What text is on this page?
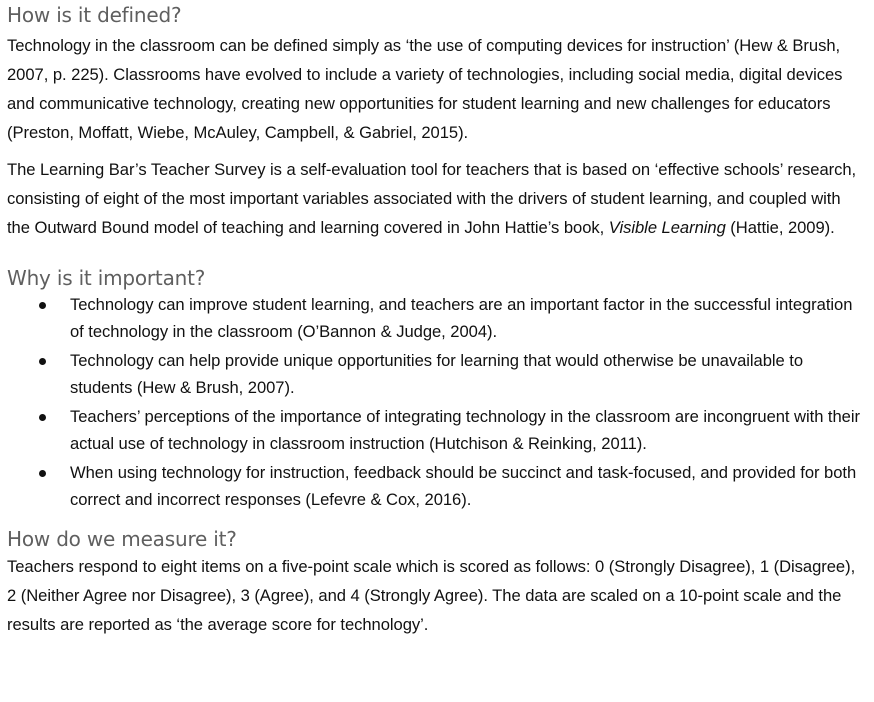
How is it defined?

Technology in the classroom can be defined simply as ‘the use of computing devices for instruction’ (Hew & Brush, 2007, p. 225). Classrooms have evolved to include a variety of technologies, including social media, digital devices and communicative technology, creating new opportunities for student learning and new challenges for educators (Preston, Moffatt, Wiebe, McAuley, Campbell, & Gabriel, 2015).

The Learning Bar’s Teacher Survey is a self-evaluation tool for teachers that is based on ‘effective schools’ research, consisting of eight of the most important variables associated with the drivers of student learning, and coupled with the Outward Bound model of teaching and learning covered in John Hattie’s book, Visible Learning (Hattie, 2009).

Why is it important?
Technology can improve student learning, and teachers are an important factor in the successful integration of technology in the classroom (O’Bannon & Judge, 2004).
Technology can help provide unique opportunities for learning that would otherwise be unavailable to students (Hew & Brush, 2007).
Teachers’ perceptions of the importance of integrating technology in the classroom are incongruent with their actual use of technology in classroom instruction (Hutchison & Reinking, 2011).
When using technology for instruction, feedback should be succinct and task-focused, and provided for both correct and incorrect responses (Lefevre & Cox, 2016).
How do we measure it?

Teachers respond to eight items on a five-point scale which is scored as follows: 0 (Strongly Disagree), 1 (Disagree), 2 (Neither Agree nor Disagree), 3 (Agree), and 4 (Strongly Agree). The data are scaled on a 10-point scale and the results are reported as ‘the average score for technology’.
